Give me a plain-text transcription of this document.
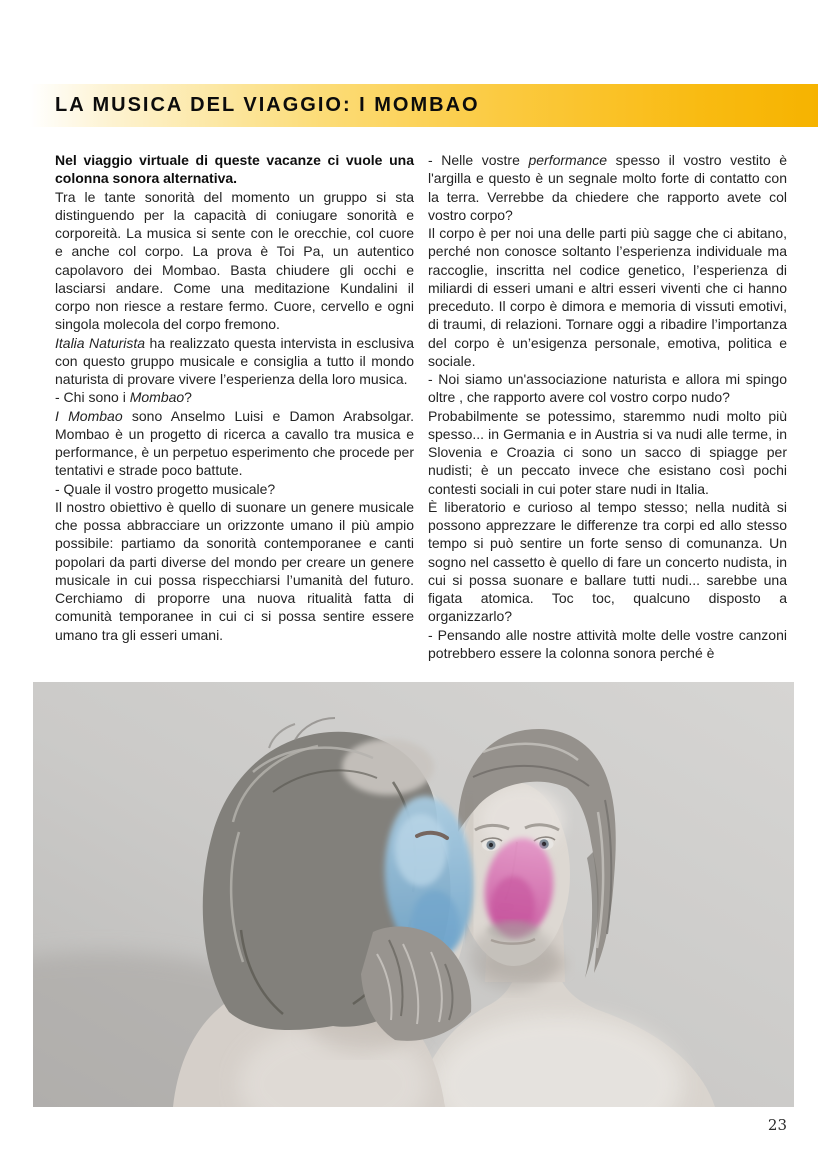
LA MUSICA DEL VIAGGIO: I MOMBAO

Nel viaggio virtuale di queste vacanze ci vuole una colonna sonora alternativa.

Tra le tante sonorità del momento un gruppo si sta distinguendo per la capacità di coniugare sonorità e corporeità. La musica si sente con le orecchie, col cuore e anche col corpo. La prova è Toi Pa, un autentico capolavoro dei Mombao. Basta chiudere gli occhi e lasciarsi andare. Come una meditazione Kundalini il corpo non riesce a restare fermo. Cuore, cervello e ogni singola molecola del corpo fremono.

Italia Naturista ha realizzato questa intervista in esclusiva con questo gruppo musicale e consiglia a tutto il mondo naturista di provare vivere l’esperienza della loro musica.

- Chi sono i Mombao?

I Mombao sono Anselmo Luisi e Damon Arabsolgar. Mombao è un progetto di ricerca a cavallo tra musica e performance, è un perpetuo esperimento che procede per tentativi e strade poco battute.

- Quale il vostro progetto musicale?

Il nostro obiettivo è quello di suonare un genere musicale che possa abbracciare un orizzonte umano il più ampio possibile: partiamo da sonorità contemporanee e canti popolari da parti diverse del mondo per creare un genere musicale in cui possa rispecchiarsi l’umanità del futuro. Cerchiamo di proporre una nuova ritualità fatta di comunità temporanee in cui ci si possa sentire essere umano tra gli esseri umani.

- Nelle vostre performance spesso il vostro vestito è l'argilla e questo è un segnale molto forte di contatto con la terra. Verrebbe da chiedere che rapporto avete col vostro corpo?

Il corpo è per noi una delle parti più sagge che ci abitano, perché non conosce soltanto l’esperienza individuale ma raccoglie, inscritta nel codice genetico, l’esperienza di miliardi di esseri umani e altri esseri viventi che ci hanno preceduto. Il corpo è dimora e memoria di vissuti emotivi, di traumi, di relazioni. Tornare oggi a ribadire l’importanza del corpo è un’esigenza personale, emotiva, politica e sociale.

- Noi siamo un'associazione naturista e allora mi spingo oltre , che rapporto avere col vostro corpo nudo?

Probabilmente se potessimo, staremmo nudi molto più spesso... in Germania e in Austria si va nudi alle terme, in Slovenia e Croazia ci sono un sacco di spiagge per nudisti; è un peccato invece che esistano così pochi contesti sociali in cui poter stare nudi in Italia.

È liberatorio e curioso al tempo stesso; nella nudità si possono apprezzare le differenze tra corpi ed allo stesso tempo si può sentire un forte senso di comunanza. Un sogno nel cassetto è quello di fare un concerto nudista, in cui si possa suonare e ballare tutti nudi... sarebbe una figata atomica. Toc toc, qualcuno disposto a organizzarlo?

- Pensando alle nostre attività molte delle vostre canzoni potrebbero essere la colonna sonora perché è

23
